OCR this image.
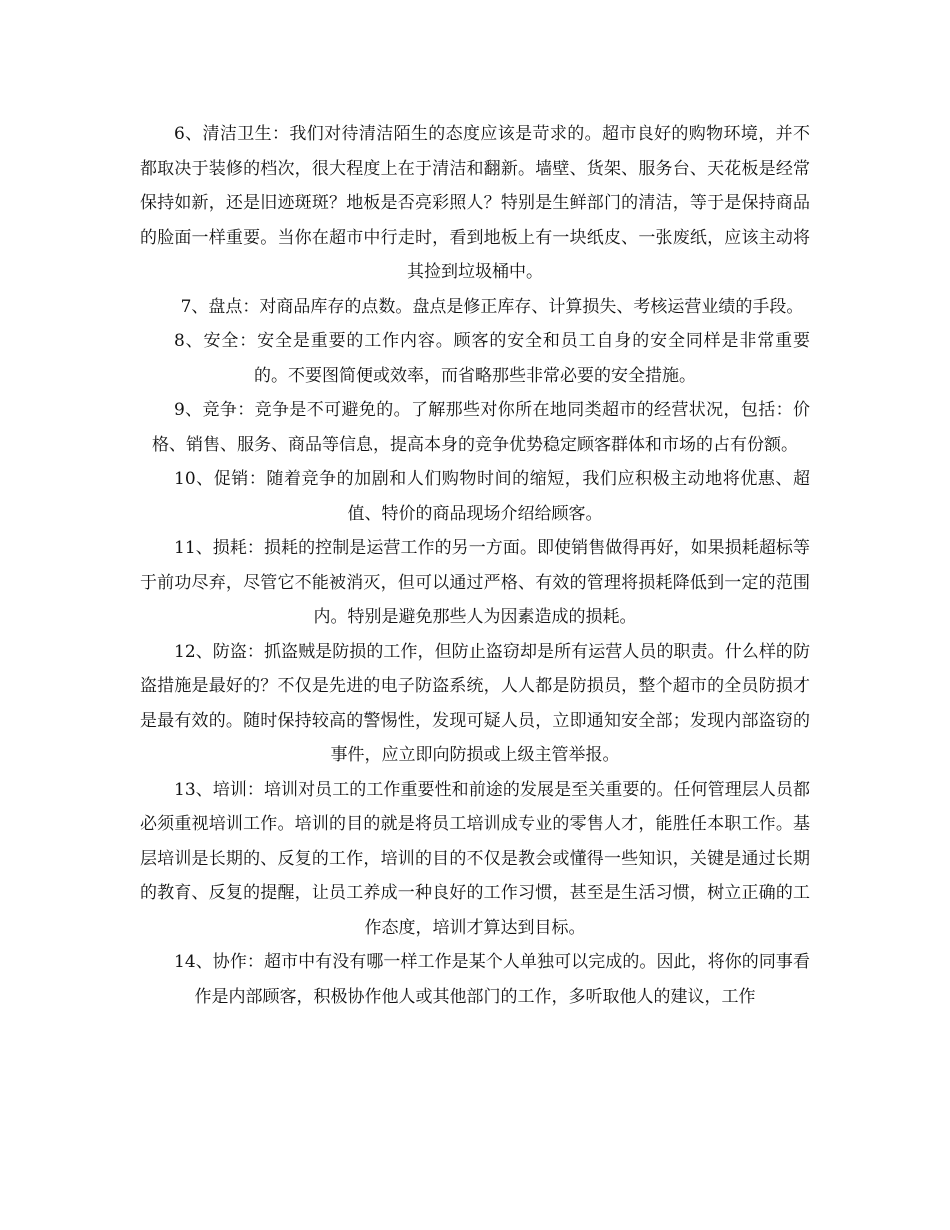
6、清洁卫生：我们对待清洁陌生的态度应该是苛求的。超市良好的购物环境，并不都取决于装修的档次，很大程度上在于清洁和翻新。墙壁、货架、服务台、天花板是经常保持如新，还是旧迹斑斑？地板是否亮彩照人？特别是生鲜部门的清洁，等于是保持商品的脸面一样重要。当你在超市中行走时，看到地板上有一块纸皮、一张废纸，应该主动将其捡到垃圾桶中。

7、盘点：对商品库存的点数。盘点是修正库存、计算损失、考核运营业绩的手段。

8、安全：安全是重要的工作内容。顾客的安全和员工自身的安全同样是非常重要的。不要图简便或效率，而省略那些非常必要的安全措施。

9、竞争：竞争是不可避免的。了解那些对你所在地同类超市的经营状况，包括：价格、销售、服务、商品等信息，提高本身的竞争优势稳定顾客群体和市场的占有份额。

10、促销：随着竞争的加剧和人们购物时间的缩短，我们应积极主动地将优惠、超值、特价的商品现场介绍给顾客。

11、损耗：损耗的控制是运营工作的另一方面。即使销售做得再好，如果损耗超标等于前功尽弃，尽管它不能被消灭，但可以通过严格、有效的管理将损耗降低到一定的范围内。特别是避免那些人为因素造成的损耗。

12、防盗：抓盗贼是防损的工作，但防止盗窃却是所有运营人员的职责。什么样的防盗措施是最好的？不仅是先进的电子防盗系统，人人都是防损员，整个超市的全员防损才是最有效的。随时保持较高的警惕性，发现可疑人员，立即通知安全部；发现内部盗窃的事件，应立即向防损或上级主管举报。

13、培训：培训对员工的工作重要性和前途的发展是至关重要的。任何管理层人员都必须重视培训工作。培训的目的就是将员工培训成专业的零售人才，能胜任本职工作。基层培训是长期的、反复的工作，培训的目的不仅是教会或懂得一些知识，关键是通过长期的教育、反复的提醒，让员工养成一种良好的工作习惯，甚至是生活习惯，树立正确的工作态度，培训才算达到目标。

14、协作：超市中有没有哪一样工作是某个人单独可以完成的。因此，将你的同事看作是内部顾客，积极协作他人或其他部门的工作，多听取他人的建议，工作
